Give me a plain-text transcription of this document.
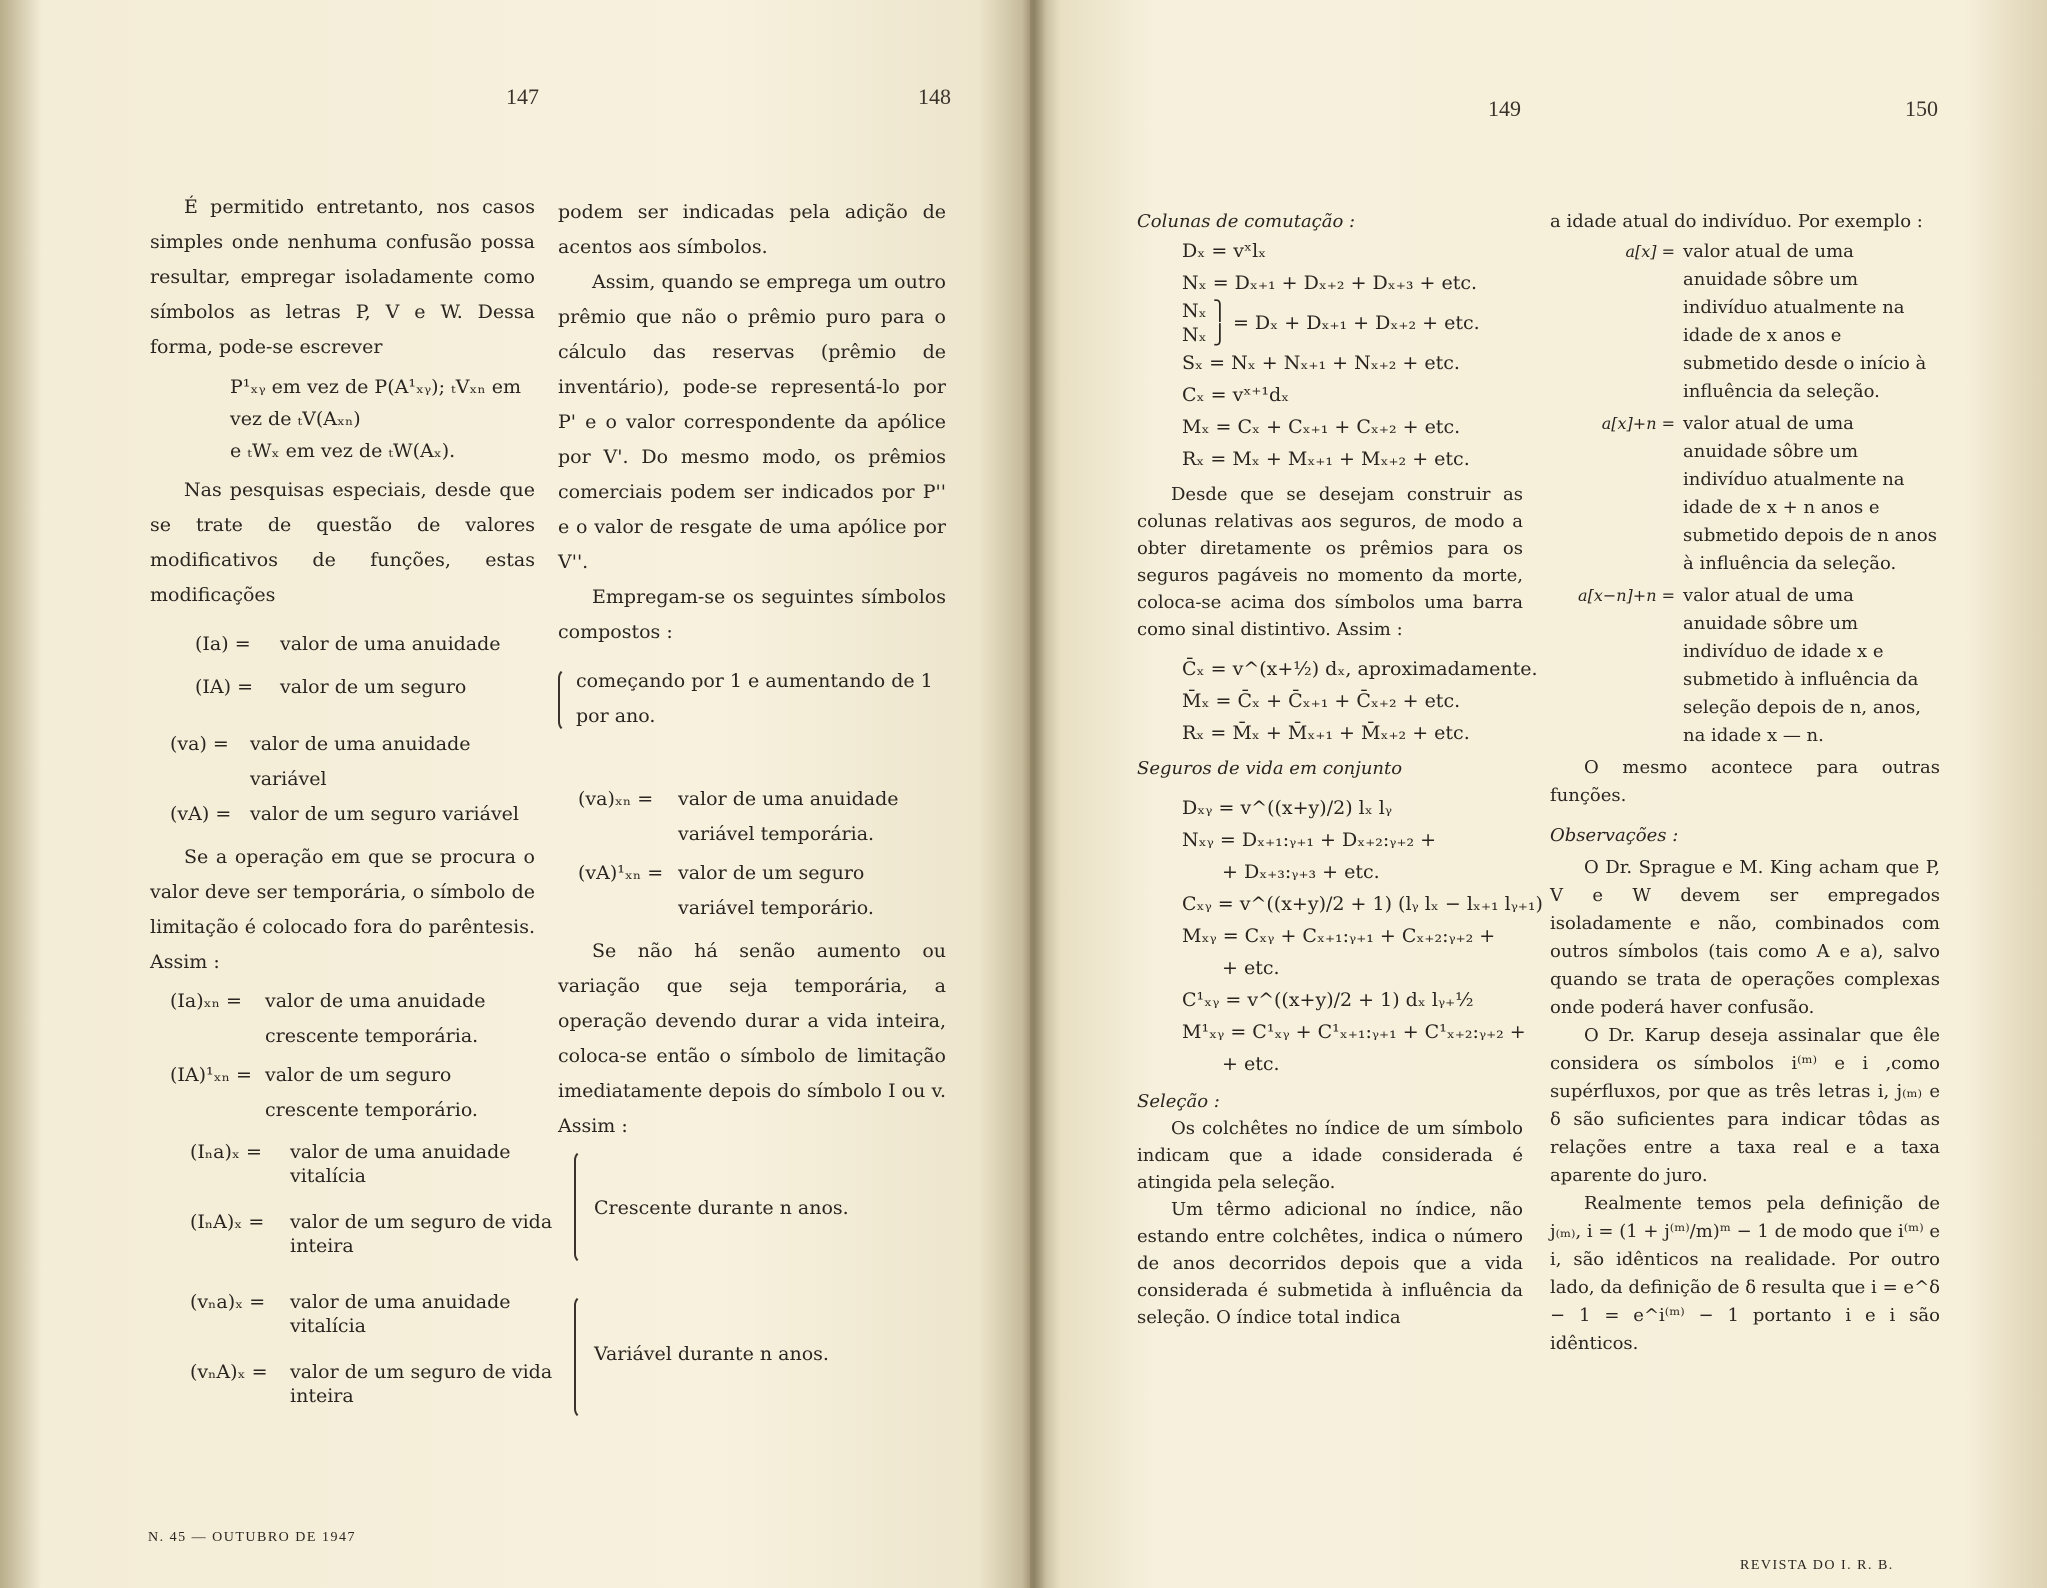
147	148	149	150

É permitido entretanto, nos casos simples onde nenhuma confusão possa resultar, empregar isoladamente como símbolos as letras P, V e W. Dessa forma, pode-se escrever

P¹ₓᵧ em vez de P(A¹ₓᵧ); ₜVₓₙ em
vez de ₜV(Aₓₙ)
e ₜWₓ em vez de ₜW(Aₓ).

Nas pesquisas especiais, desde que se trate de questão de valores modificativos de funções, estas modificações

(Ia) =	valor de uma anuidade
(IA) =	valor de um seguro
(va) =	valor de uma anuidade variável
(vA) = valor de um seguro variável

Se a operação em que se procura o valor deve ser temporária, o símbolo de limitação é colocado fora do parêntesis. Assim :

(Ia)ₓₙ =	valor de uma anuidade crescente temporária.
(IA)¹ₓₙ = valor de um seguro crescente temporário.

podem ser indicadas pela adição de acentos aos símbolos.

Assim, quando se emprega um outro prêmio que não o prêmio puro para o cálculo das reservas (prêmio de inventário), pode-se representá-lo por P' e o valor correspondente da apólice por V'. Do mesmo modo, os prêmios comerciais podem ser indicados por P'' e o valor de resgate de uma apólice por V''.

Empregam-se os seguintes símbolos compostos :

começando por 1 e aumentando de 1 por ano.
(va)ₓₙ =	valor de uma anuidade variável temporária.
(vA)¹ₓₙ = valor de um seguro variável temporário.

Se não há senão aumento ou variação que seja temporária, a operação devendo durar a vida inteira, coloca-se então o símbolo de limitação imediatamente depois do símbolo I ou v. Assim :

(Iₙa)ₓ =	valor de uma anuidade vitalícia
(IₙA)ₓ =	valor de um seguro de vida inteira
Crescente durante n anos.
(vₙa)ₓ =	valor de uma anuidade vitalícia
(vₙA)ₓ =	valor de um seguro de vida inteira
Variável durante n anos.
N. 45 — OUTUBRO DE 1947
Colunas de comutação :
Dₓ = vˣlₓ
Nₓ = Dₓ₊₁ + Dₓ₊₂ + Dₓ₊₃ + etc.
Nₓ ⎫
Nₓ ⎭
= Dₓ + Dₓ₊₁ + Dₓ₊₂ + etc.
Sₓ = Nₓ + Nₓ₊₁ + Nₓ₊₂ + etc.
Cₓ = vˣ⁺¹dₓ
Mₓ = Cₓ + Cₓ₊₁ + Cₓ₊₂ + etc.
Rₓ = Mₓ + Mₓ₊₁ + Mₓ₊₂ + etc.

Desde que se desejam construir as colunas relativas aos seguros, de modo a obter diretamente os prêmios para os seguros pagáveis no momento da morte, coloca-se acima dos símbolos uma barra como sinal distintivo. Assim :

C̄ₓ = v^(x+½) dₓ, aproximadamente.
M̄ₓ = C̄ₓ + C̄ₓ₊₁ + C̄ₓ₊₂ + etc.
Rₓ = M̄ₓ + M̄ₓ₊₁ + M̄ₓ₊₂ + etc.
Seguros de vida em conjunto
Dₓᵧ = v^((x+y)/2) lₓ lᵧ
Nₓᵧ = Dₓ₊₁:ᵧ₊₁ + Dₓ₊₂:ᵧ₊₂ +
+ Dₓ₊₃:ᵧ₊₃ + etc.
Cₓᵧ = v^((x+y)/2 + 1) (lᵧ lₓ − lₓ₊₁ lᵧ₊₁)
Mₓᵧ = Cₓᵧ + Cₓ₊₁:ᵧ₊₁ + Cₓ₊₂:ᵧ₊₂ +
+ etc.
C¹ₓᵧ = v^((x+y)/2 + 1) dₓ lᵧ₊½
M¹ₓᵧ = C¹ₓᵧ + C¹ₓ₊₁:ᵧ₊₁ + C¹ₓ₊₂:ᵧ₊₂ +
+ etc.
Seleção :

Os colchêtes no índice de um símbolo indicam que a idade considerada é atingida pela seleção.

Um têrmo adicional no índice, não estando entre colchêtes, indica o número de anos decorridos depois que a vida considerada é submetida à influência da seleção. O índice total indica

a idade atual do indivíduo. Por exemplo :

a[x] = valor atual de uma anuidade sôbre um indivíduo atualmente na idade de x anos e submetido desde o início à influência da seleção.
a[x]+n = valor atual de uma anuidade sôbre um indivíduo atualmente na idade de x + n anos e submetido depois de n anos à influência da seleção.
a[x−n]+n = valor atual de uma anuidade sôbre um indivíduo de idade x e submetido à influência da seleção depois de n, anos, na idade x — n.

O mesmo acontece para outras funções.

Observações :

O Dr. Sprague e M. King acham que P, V e W devem ser empregados isoladamente e não, combinados com outros símbolos (tais como A e a), salvo quando se trata de operações complexas onde poderá haver confusão.

O Dr. Karup deseja assinalar que êle considera os símbolos i⁽ᵐ⁾ e i ,como supérfluxos, por que as três letras i, j₍ₘ₎ e δ são suficientes para indicar tôdas as relações entre a taxa real e a taxa aparente do juro.

Realmente temos pela definição de j₍ₘ₎, i = (1 + j⁽ᵐ⁾/m)ᵐ − 1 de modo que i⁽ᵐ⁾ e i, são idênticos na realidade. Por outro lado, da definição de δ resulta que i = e^δ − 1 = e^i⁽ᵐ⁾ − 1 portanto i e i são idênticos.

REVISTA DO I. R. B.
